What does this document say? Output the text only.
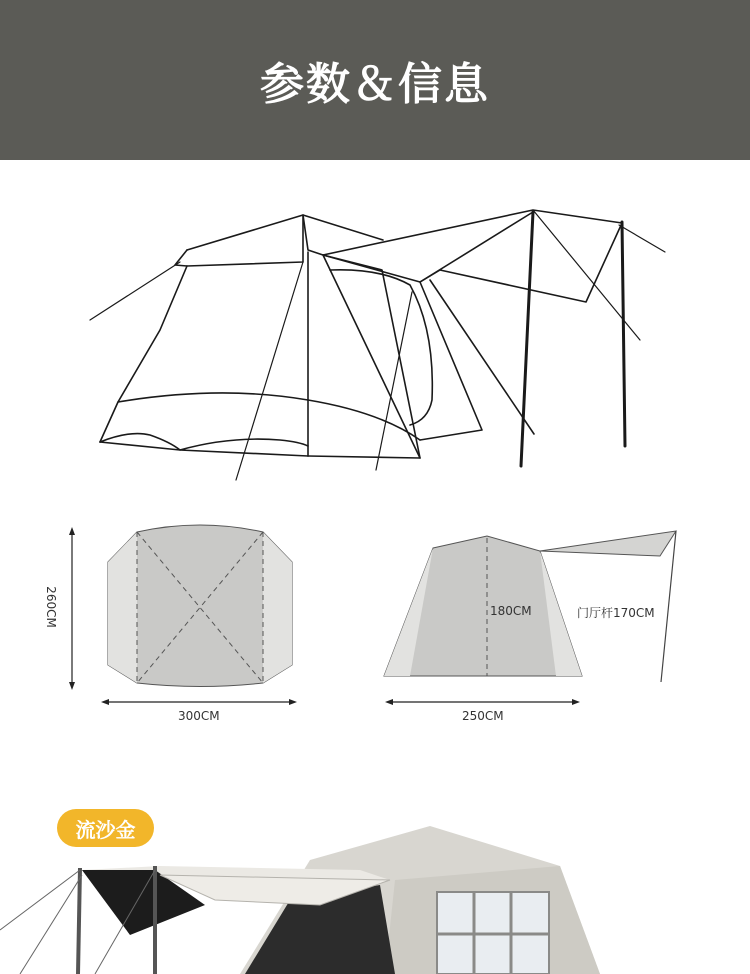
参数＆信息
260CM
300CM
180CM	门厅杆170CM
250CM
流沙金
